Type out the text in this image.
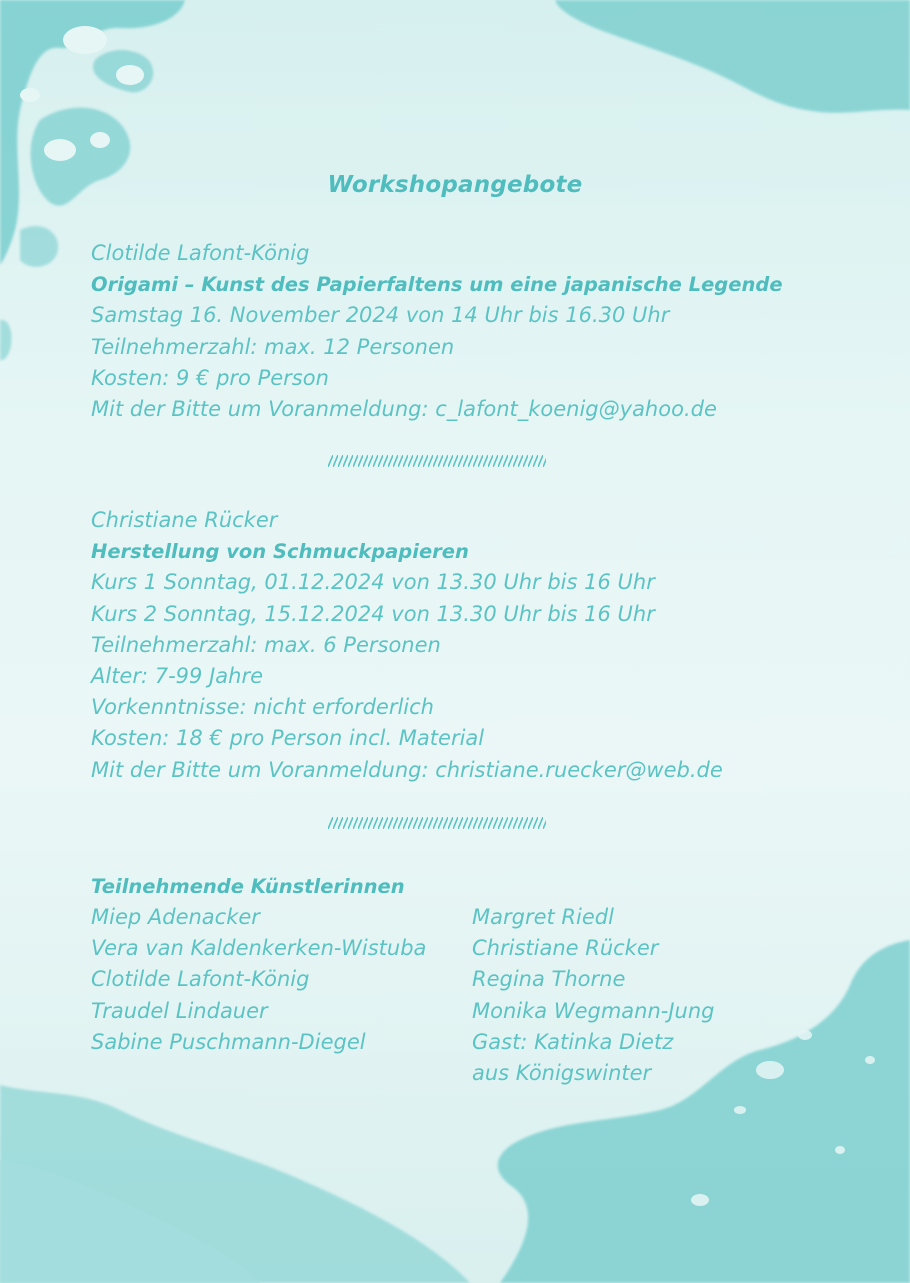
Workshopangebote
Clotilde Lafont-König
Origami – Kunst des Papierfaltens um eine japanische Legende
Samstag 16. November 2024 von 14 Uhr bis 16.30 Uhr
Teilnehmerzahl: max. 12 Personen
Kosten: 9 € pro Person
Mit der Bitte um Voranmeldung: c_lafont_koenig@yahoo.de
Christiane Rücker
Herstellung von Schmuckpapieren
Kurs 1 Sonntag, 01.12.2024 von 13.30 Uhr bis 16 Uhr
Kurs 2 Sonntag, 15.12.2024 von 13.30 Uhr bis 16 Uhr
Teilnehmerzahl: max. 6 Personen
Alter: 7-99 Jahre
Vorkenntnisse: nicht erforderlich
Kosten: 18 € pro Person incl. Material
Mit der Bitte um Voranmeldung: christiane.ruecker@web.de
Teilnehmende Künstlerinnen
Miep Adenacker
Vera van Kaldenkerken-Wistuba
Clotilde Lafont-König
Traudel Lindauer
Sabine Puschmann-Diegel
Margret Riedl
Christiane Rücker
Regina Thorne
Monika Wegmann-Jung
Gast: Katinka Dietz
aus Königswinter
